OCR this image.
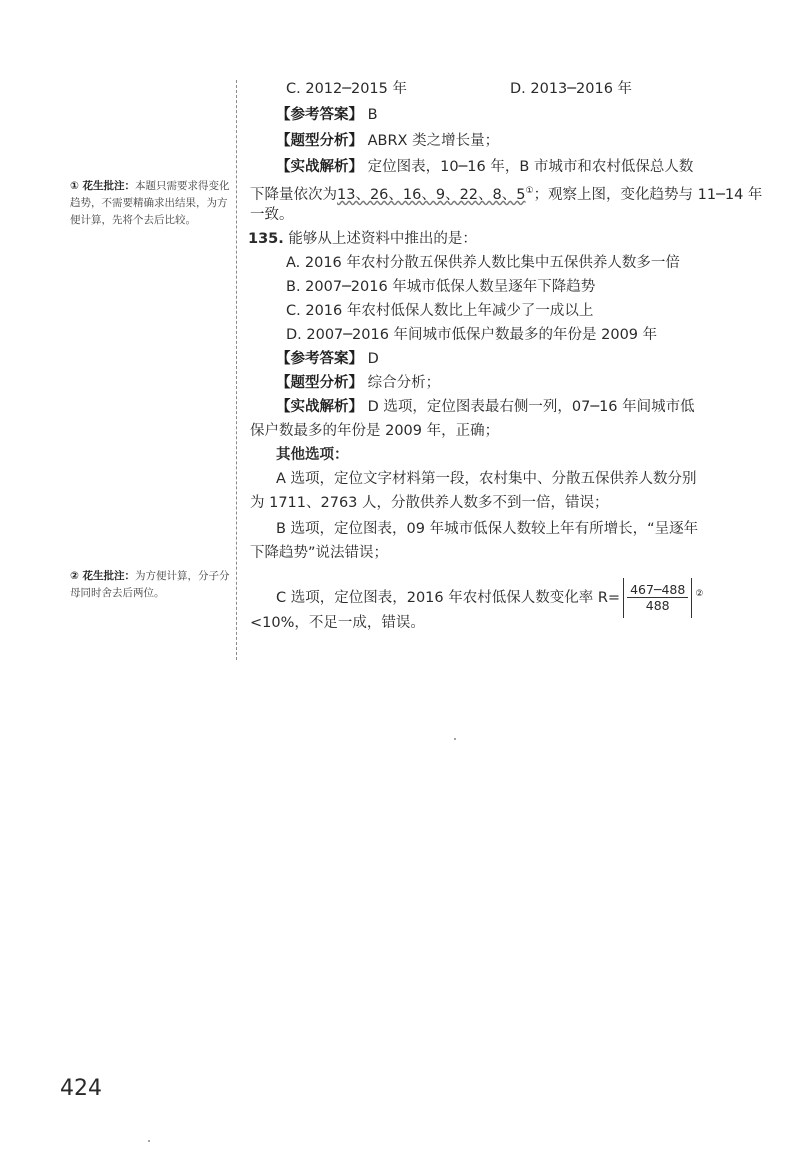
① 花生批注：本题只需要求得变化趋势，不需要精确求出结果，为方便计算，先将个去后比较。
② 花生批注：为方便计算，分子分母同时舍去后两位。
C. 2012─2015 年	D. 2013─2016 年
【参考答案】 B
【题型分析】 ABRX 类之增长量；
【实战解析】 定位图表，10─16 年，B 市城市和农村低保总人数
下降量依次为13、26、16、9、22、8、5①；观察上图，变化趋势与 11─14 年
一致。
135. 能够从上述资料中推出的是：
A. 2016 年农村分散五保供养人数比集中五保供养人数多一倍
B. 2007─2016 年城市低保人数呈逐年下降趋势
C. 2016 年农村低保人数比上年减少了一成以上
D. 2007─2016 年间城市低保户数最多的年份是 2009 年
【参考答案】 D
【题型分析】 综合分析；
【实战解析】 D 选项，定位图表最右侧一列，07─16 年间城市低
保户数最多的年份是 2009 年，正确；
其他选项：
A 选项，定位文字材料第一段，农村集中、分散五保供养人数分别
为 1711、2763 人，分散供养人数多不到一倍，错误；
B 选项，定位图表，09 年城市低保人数较上年有所增长，“呈逐年
下降趋势”说法错误；
C 选项，定位图表，2016 年农村低保人数变化率 $R= \frac{467─488}{488} ^②$
<10%，不足一成，错误。
424
